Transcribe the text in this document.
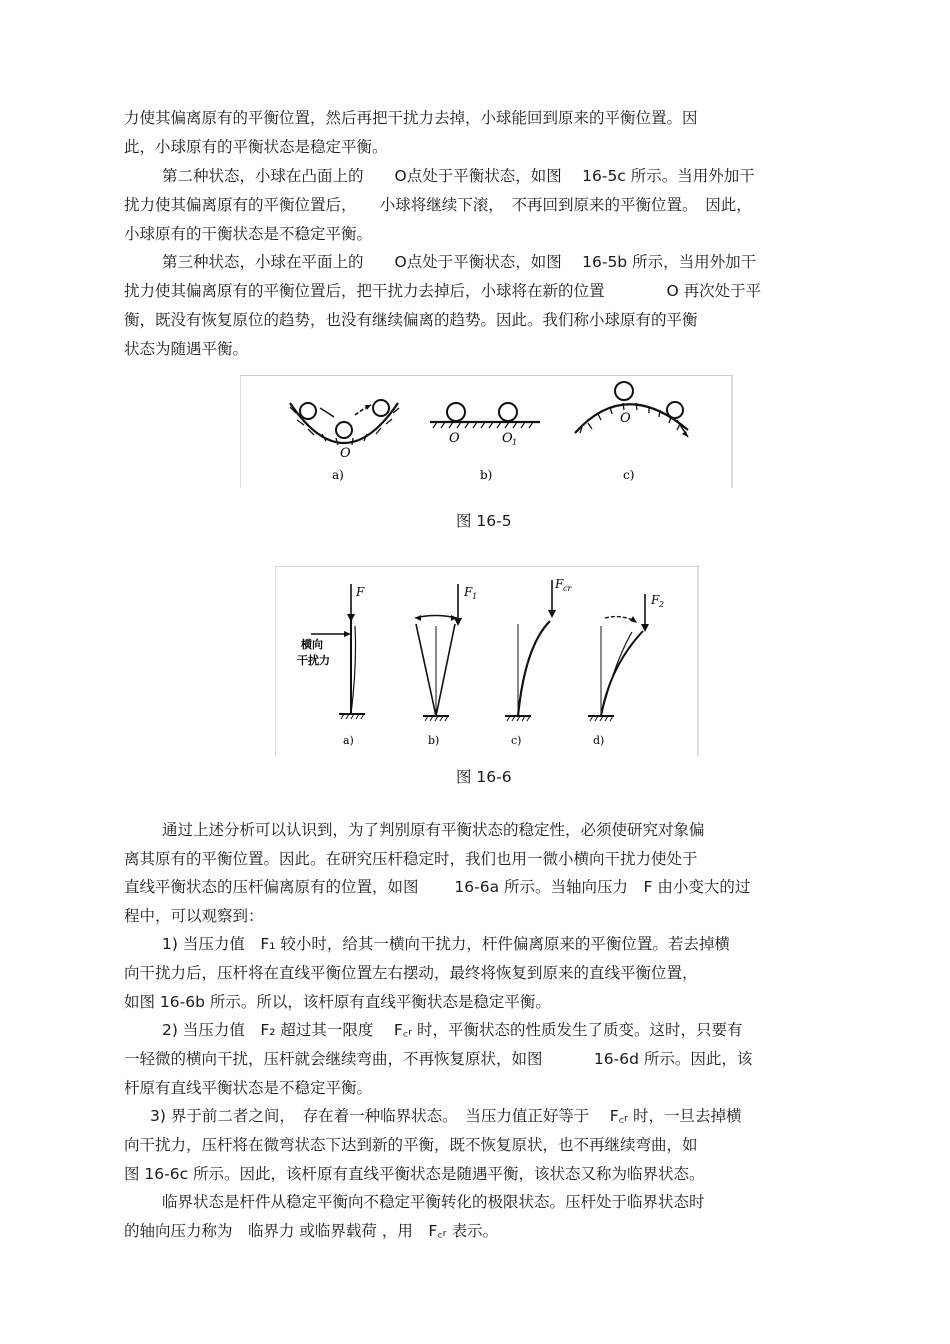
力使其偏离原有的平衡位置，然后再把干扰力去掉，小球能回到原来的平衡位置。因
此，小球原有的平衡状态是稳定平衡。
第二种状态，小球在凸面上的　　O点处于平衡状态，如图　 16-5c 所示。当用外加干
扰力使其偏离原有的平衡位置后，　　小球将继续下滚，　不再回到原来的平衡位置。　因此，
小球原有的干衡状态是不稳定平衡。
第三种状态，小球在平面上的　　O点处于平衡状态，如图　 16-5b 所示，当用外加干
扰力使其偏离原有的平衡位置后，把干扰力去掉后，小球将在新的位置　　　　O 再次处于平
衡，既没有恢复原位的趋势，也没有继续偏离的趋势。因此。我们称小球原有的平衡
状态为随遇平衡。
O
a)
O	O 1
b)
O
c)
图 16-5
F
横向
干扰力
a)
F 1
b)
F cr
c)
F 2
d)
图 16-6
通过上述分析可以认识到，为了判别原有平衡状态的稳定性，必须使研究对象偏
离其原有的平衡位置。因此。在研究压杆稳定时，我们也用一微小横向干扰力使处于
直线平衡状态的压杆偏离原有的位置，如图　　 16-6a 所示。当轴向压力　F 由小变大的过
程中，可以观察到：
1) 当压力值　F₁ 较小时，给其一横向干扰力，杆件偏离原来的平衡位置。若去掉横
向干扰力后，压杆将在直线平衡位置左右摆动，最终将恢复到原来的直线平衡位置，
如图 16-6b 所示。所以，该杆原有直线平衡状态是稳定平衡。
2) 当压力值　F₂ 超过其一限度　 F꜀ᵣ 时，平衡状态的性质发生了质变。这时，只要有
一轻微的横向干扰，压杆就会继续弯曲，不再恢复原状，如图　　　 16-6d 所示。因此，该
杆原有直线平衡状态是不稳定平衡。
3) 界于前二者之间，　存在着一种临界状态。　当压力值正好等于　 F꜀ᵣ 时，一旦去掉横
向干扰力，压杆将在微弯状态下达到新的平衡，既不恢复原状，也不再继续弯曲，如
图 16-6c 所示。因此，该杆原有直线平衡状态是随遇平衡，该状态又称为临界状态。
临界状态是杆件从稳定平衡向不稳定平衡转化的极限状态。压杆处于临界状态时
的轴向压力称为　临界力 或临界载荷 ，用　F꜀ᵣ 表示。
